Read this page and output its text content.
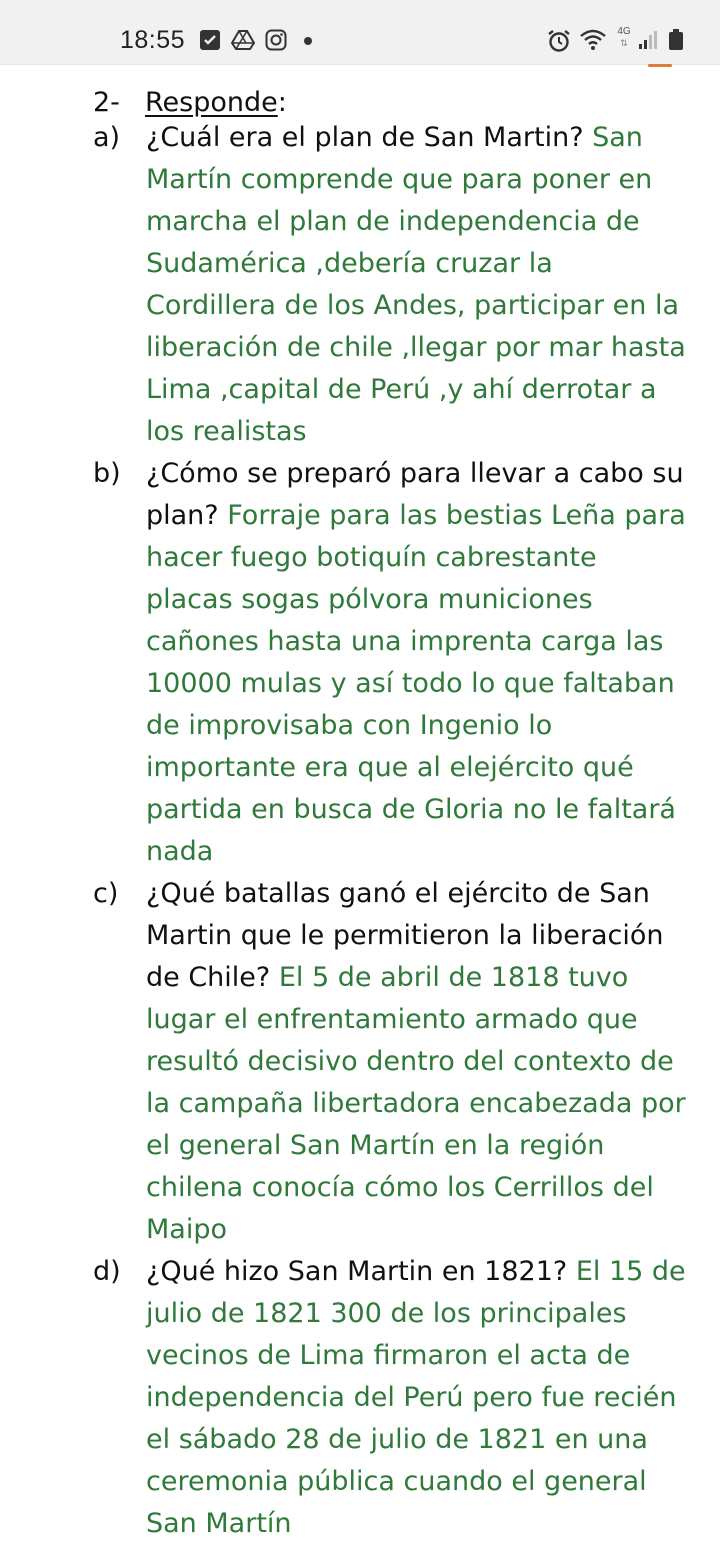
18:55	4G
⇅
2- Responde:
a) ¿Cuál era el plan de San Martin? San Martín comprende que para poner en marcha el plan de independencia de Sudamérica ,debería cruzar la Cordillera de los Andes, participar en la liberación de chile ,llegar por mar hasta Lima ,capital de Perú ,y ahí derrotar a los realistas
b) ¿Cómo se preparó para llevar a cabo su plan? Forraje para las bestias Leña para hacer fuego botiquín cabrestante placas sogas pólvora municiones cañones hasta una imprenta carga las 10000 mulas y así todo lo que faltaban de improvisaba con Ingenio lo importante era que al elejército qué partida en busca de Gloria no le faltará nada
c) ¿Qué batallas ganó el ejército de San Martin que le permitieron la liberación de Chile? El 5 de abril de 1818 tuvo lugar el enfrentamiento armado que resultó decisivo dentro del contexto de la campaña libertadora encabezada por el general San Martín en la región chilena conocía cómo los Cerrillos del Maipo
d) ¿Qué hizo San Martin en 1821? El 15 de julio de 1821 300 de los principales vecinos de Lima firmaron el acta de independencia del Perú pero fue recién el sábado 28 de julio de 1821 en una ceremonia pública cuando el general San Martín
